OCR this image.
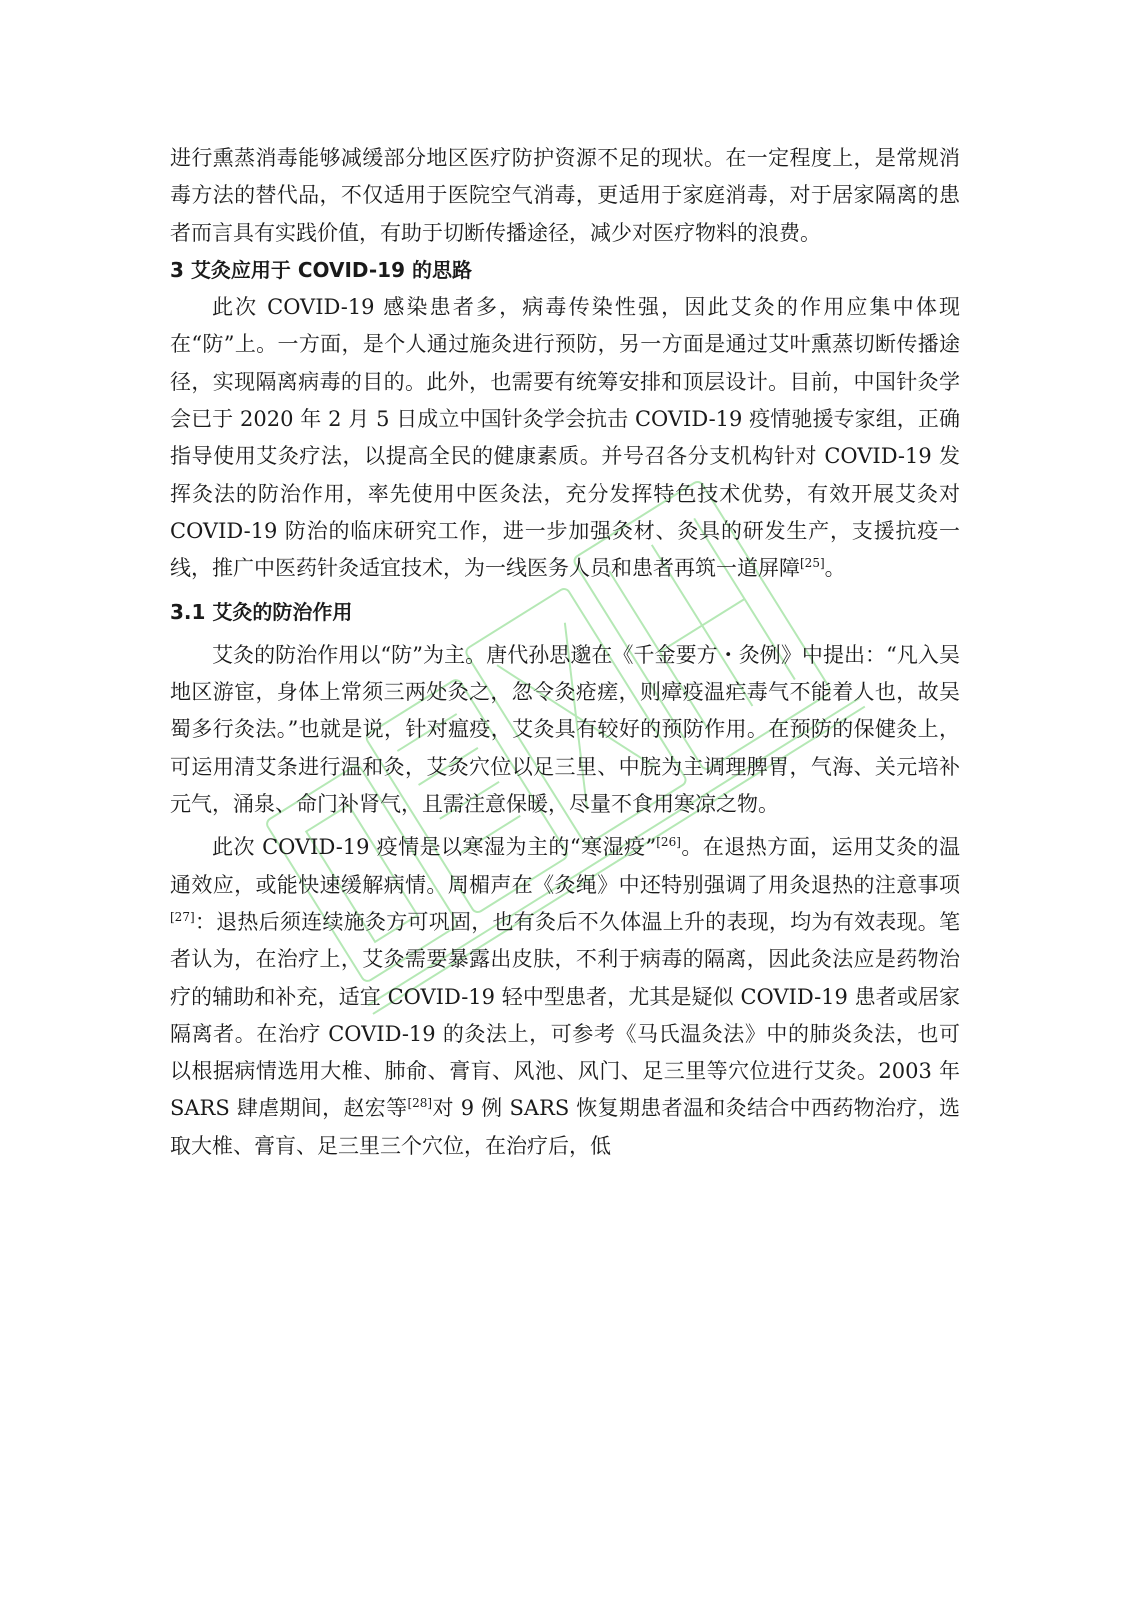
进行熏蒸消毒能够减缓部分地区医疗防护资源不足的现状。在一定程度上，是常规消毒方法的替代品，不仅适用于医院空气消毒，更适用于家庭消毒，对于居家隔离的患者而言具有实践价值，有助于切断传播途径，减少对医疗物料的浪费。

3 艾灸应用于 COVID-19 的思路

此次 COVID-19 感染患者多，病毒传染性强，因此艾灸的作用应集中体现在“防”上。一方面，是个人通过施灸进行预防，另一方面是通过艾叶熏蒸切断传播途径，实现隔离病毒的目的。此外，也需要有统筹安排和顶层设计。目前，中国针灸学会已于 2020 年 2 月 5 日成立中国针灸学会抗击 COVID-19 疫情驰援专家组，正确指导使用艾灸疗法，以提高全民的健康素质。并号召各分支机构针对 COVID-19 发挥灸法的防治作用，率先使用中医灸法，充分发挥特色技术优势，有效开展艾灸对 COVID-19 防治的临床研究工作，进一步加强灸材、灸具的研发生产，支援抗疫一线，推广中医药针灸适宜技术，为一线医务人员和患者再筑一道屏障[25]。

3.1 艾灸的防治作用

艾灸的防治作用以“防”为主。唐代孙思邈在《千金要方・灸例》中提出：“凡入吴地区游宦，身体上常须三两处灸之，忽令灸疮瘥，则瘴疫温疟毒气不能着人也，故吴蜀多行灸法。”也就是说，针对瘟疫，艾灸具有较好的预防作用。在预防的保健灸上，可运用清艾条进行温和灸，艾灸穴位以足三里、中脘为主调理脾胃，气海、关元培补元气，涌泉、命门补肾气，且需注意保暖，尽量不食用寒凉之物。

此次 COVID-19 疫情是以寒湿为主的“寒湿疫”[26]。在退热方面，运用艾灸的温通效应，或能快速缓解病情。周楣声在《灸绳》中还特别强调了用灸退热的注意事项[27]：退热后须连续施灸方可巩固，也有灸后不久体温上升的表现，均为有效表现。笔者认为，在治疗上，艾灸需要暴露出皮肤，不利于病毒的隔离，因此灸法应是药物治疗的辅助和补充，适宜 COVID-19 轻中型患者，尤其是疑似 COVID-19 患者或居家隔离者。在治疗 COVID-19 的灸法上，可参考《马氏温灸法》中的肺炎灸法，也可以根据病情选用大椎、肺俞、膏肓、风池、风门、足三里等穴位进行艾灸。2003 年 SARS 肆虐期间，赵宏等[28]对 9 例 SARS 恢复期患者温和灸结合中西药物治疗，选取大椎、膏肓、足三里三个穴位，在治疗后，低
